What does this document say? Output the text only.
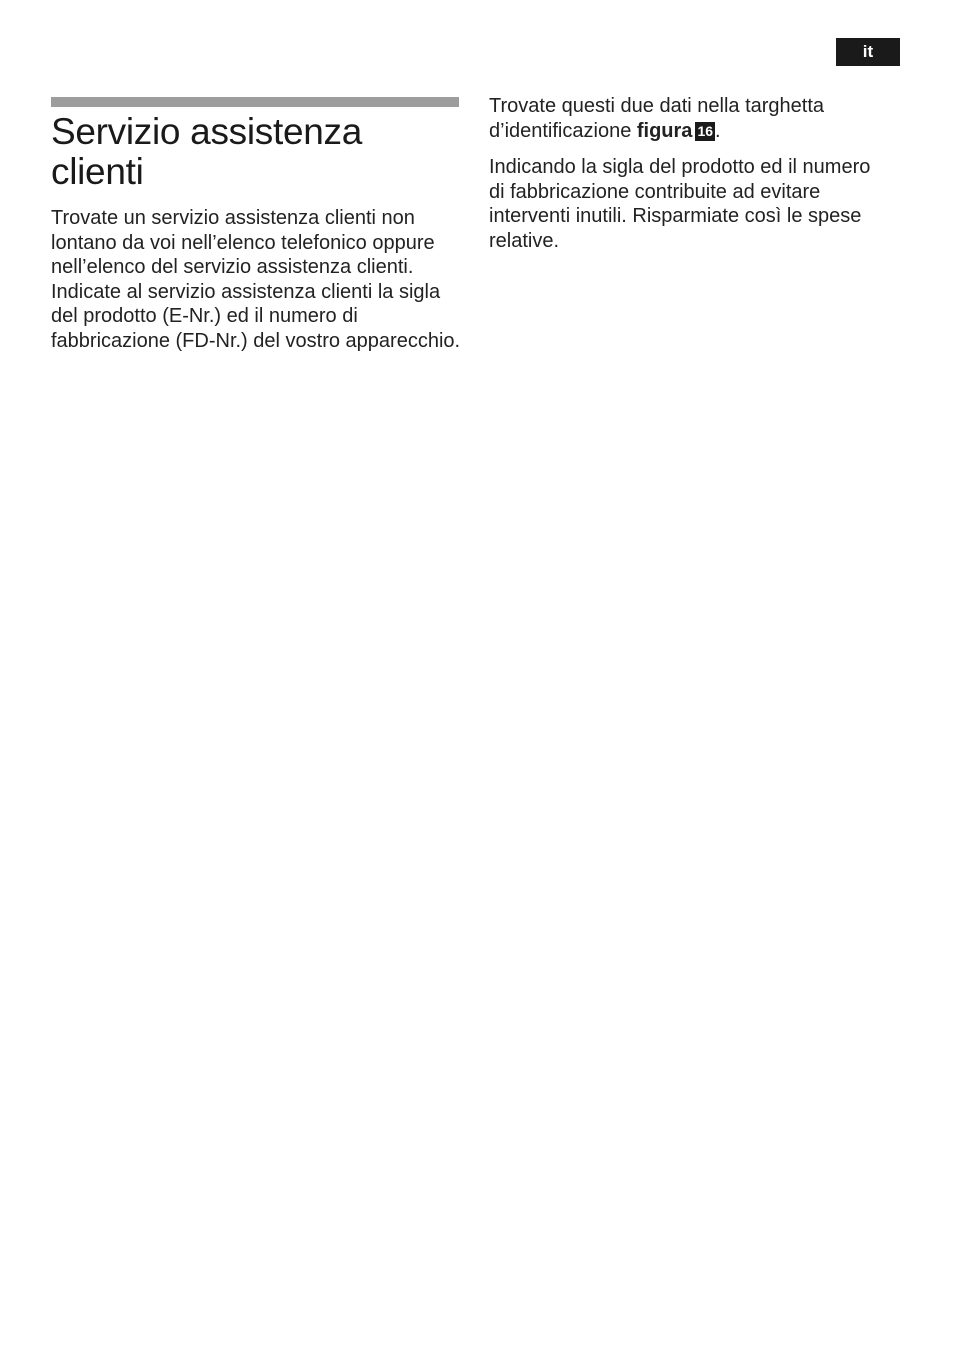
it
Servizio assistenza
clienti

Trovate un servizio assistenza clienti non lontano da voi nell’elenco telefonico oppure nell’elenco del servizio assistenza clienti. Indicate al servizio assistenza clienti la sigla del prodotto (E-Nr.) ed il numero di fabbricazione (FD-Nr.) del vostro apparecchio.

Trovate questi due dati nella targhetta d’identificazione figura 16 .

Indicando la sigla del prodotto ed il numero di fabbricazione contribuite ad evitare interventi inutili. Risparmiate così le spese relative.
